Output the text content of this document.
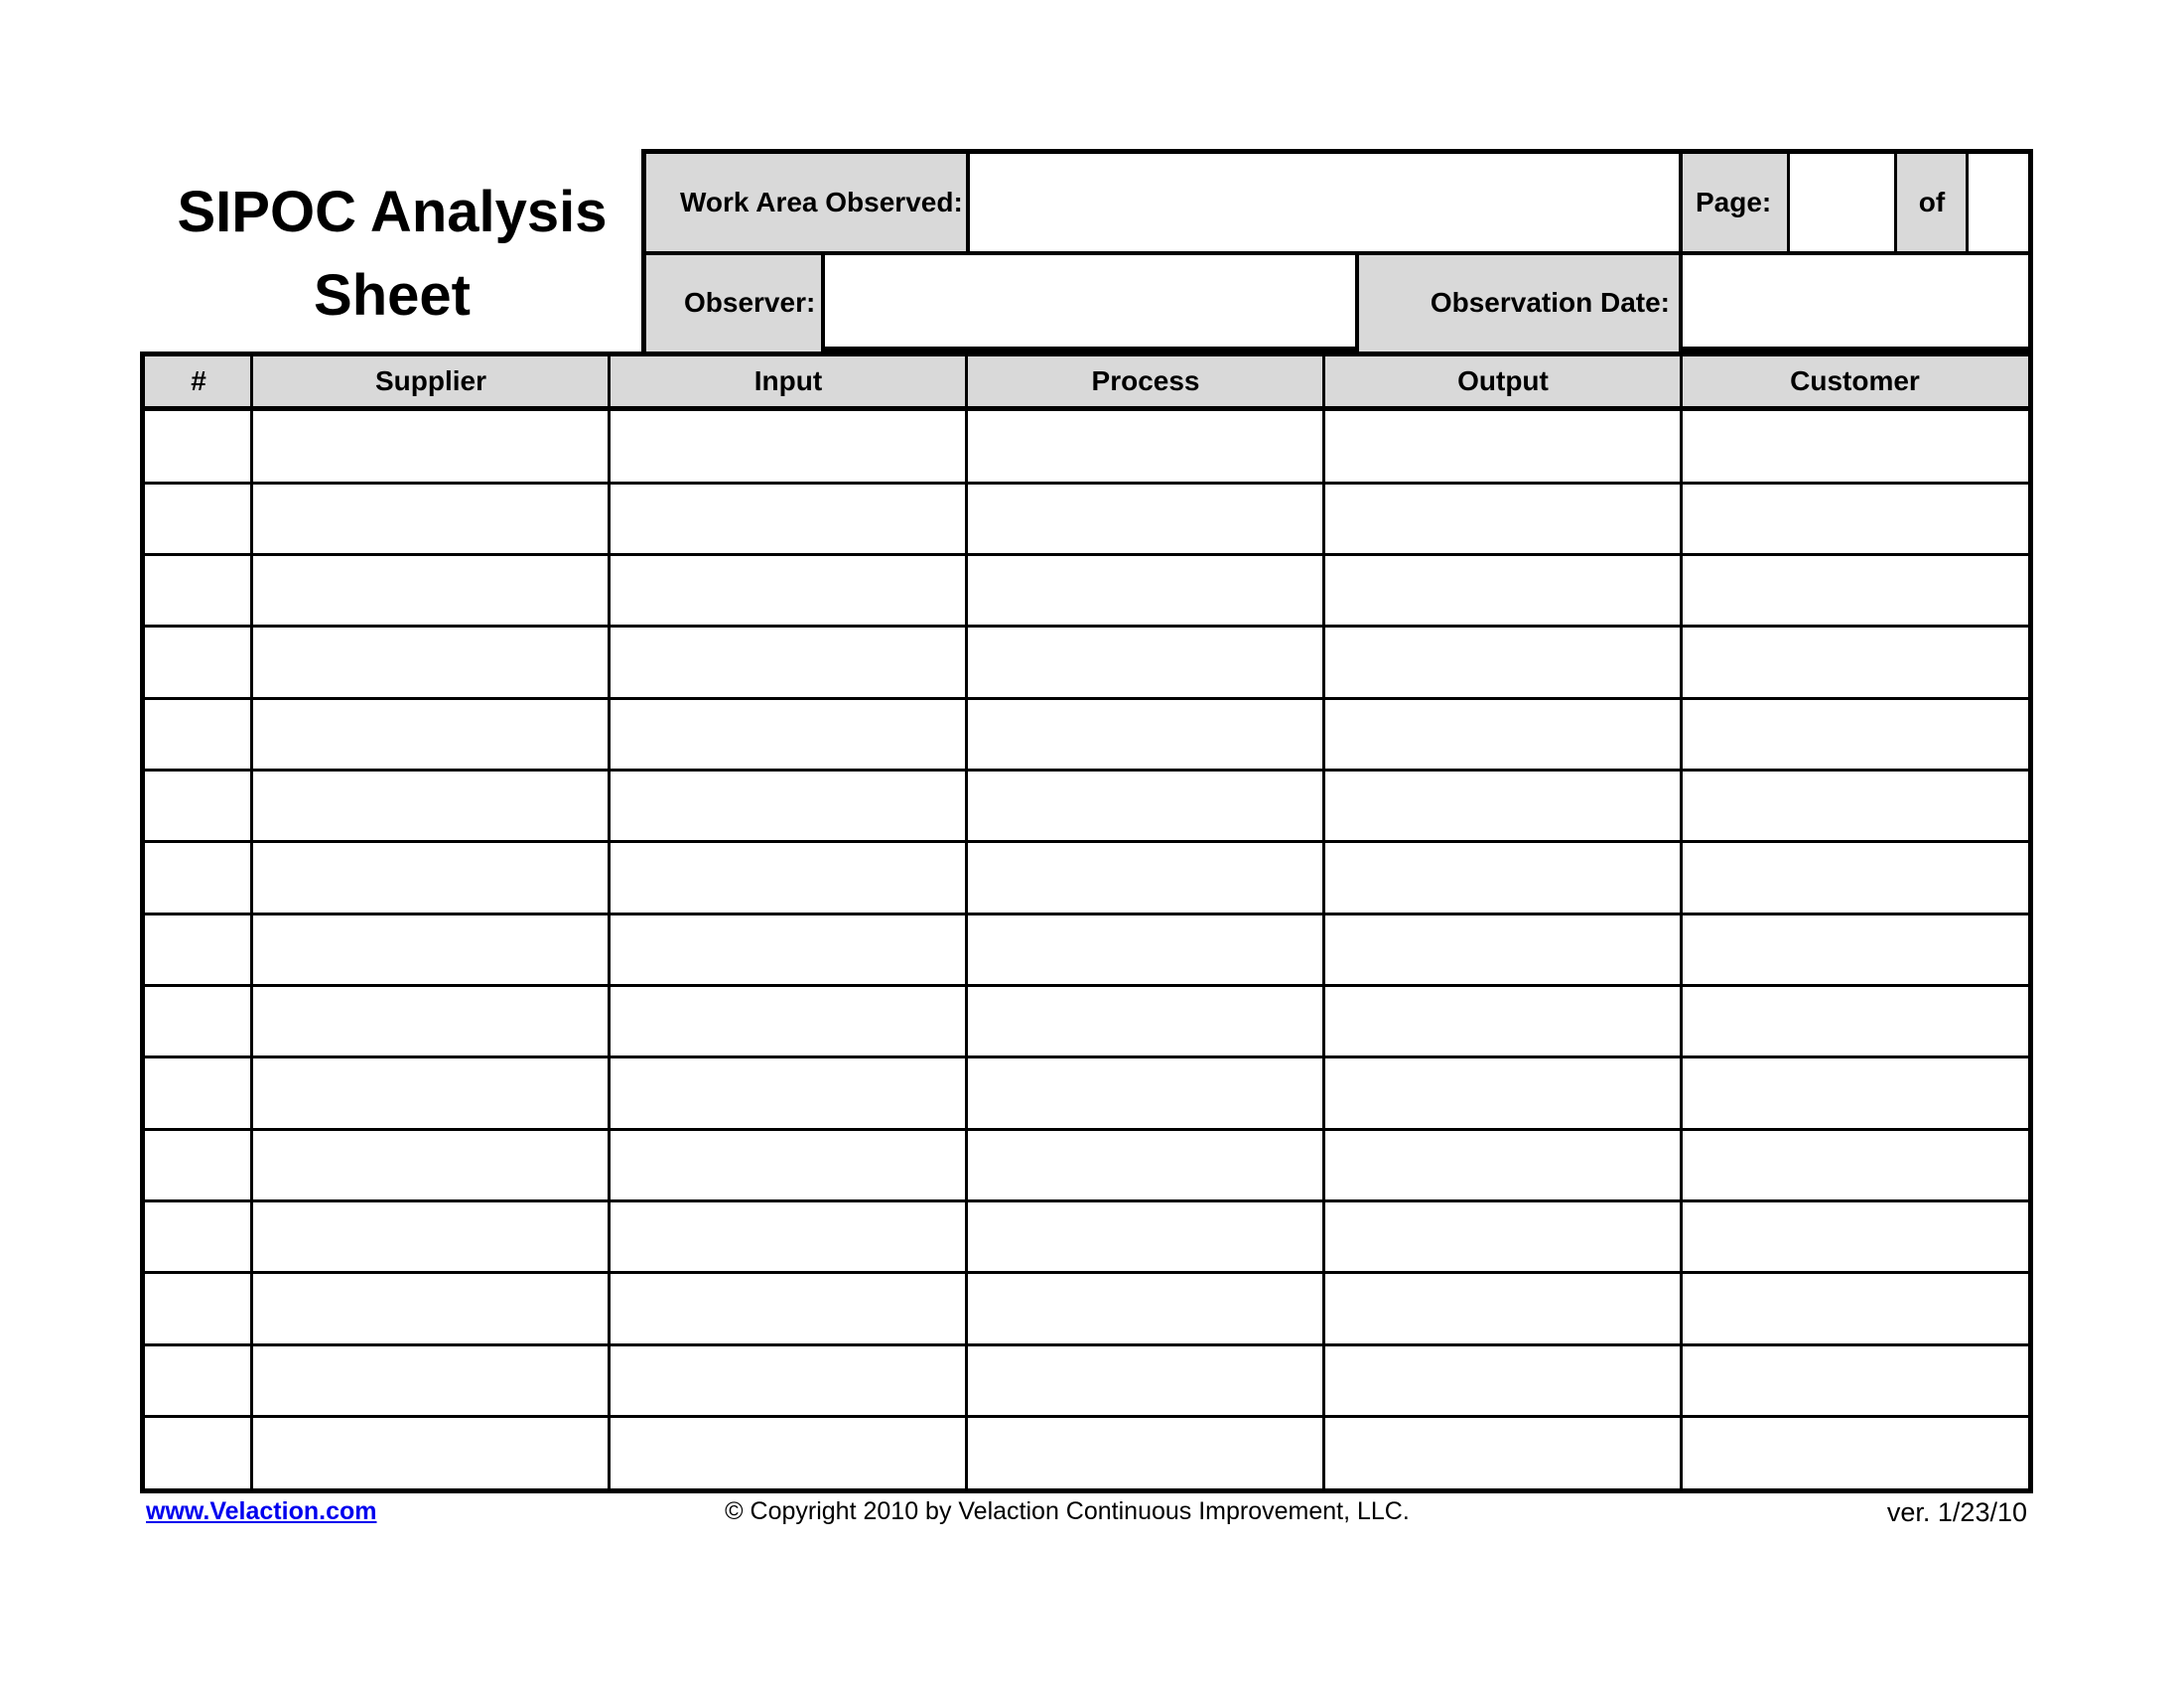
SIPOC Analysis Sheet
Work Area Observed:	Page:	of
Observer:	Observation Date:
#	Supplier	Input	Process	Output	Customer
www.Velaction.com	© Copyright 2010 by Velaction Continuous Improvement, LLC.	ver. 1/23/10
